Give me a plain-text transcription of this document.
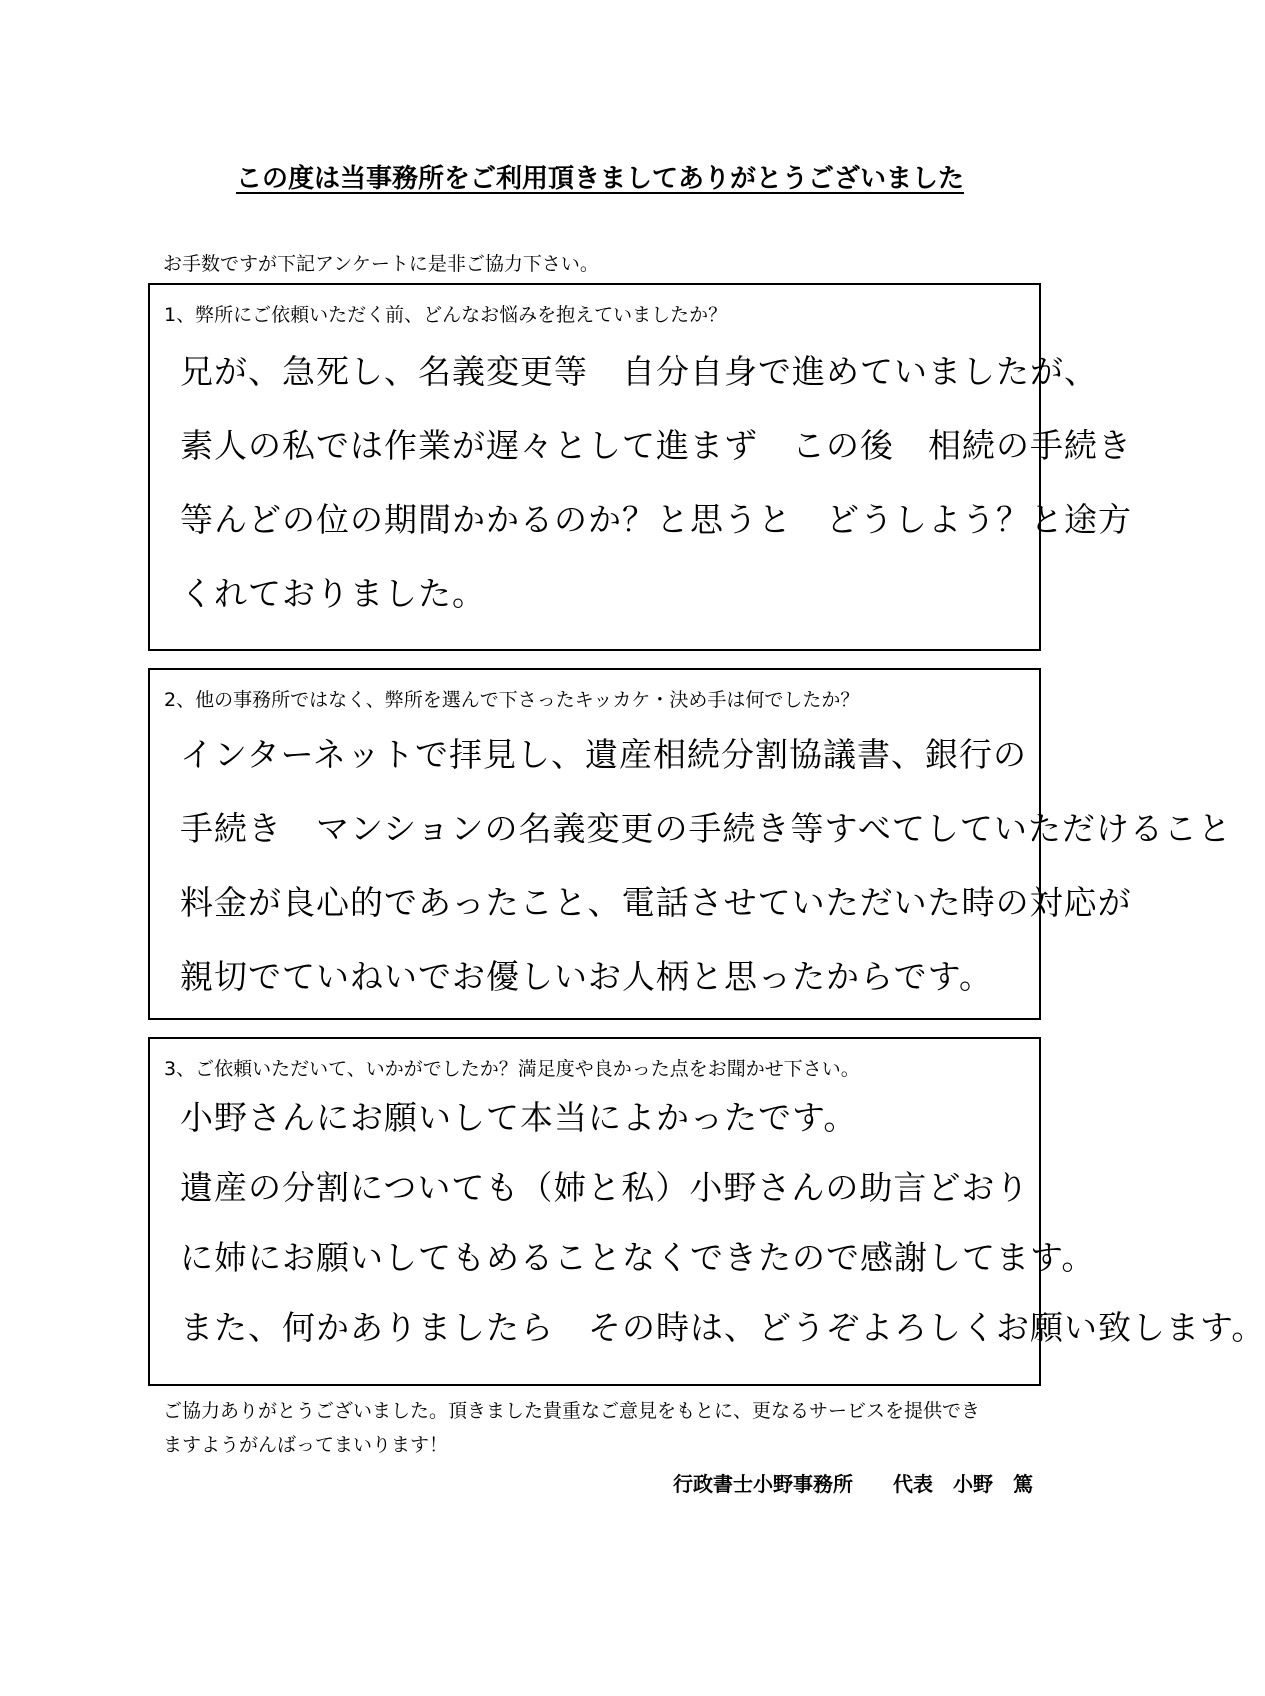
この度は当事務所をご利用頂きましてありがとうございました
お手数ですが下記アンケートに是非ご協力下さい。
1、弊所にご依頼いただく前、どんなお悩みを抱えていましたか？
兄が、急死し、名義変更等　自分自身で進めていましたが、
素人の私では作業が遅々として進まず　この後　相続の手続き
等んどの位の期間かかるのか？と思うと　どうしよう？と途方
くれておりました。
2、他の事務所ではなく、弊所を選んで下さったキッカケ・決め手は何でしたか？
インターネットで拝見し、遺産相続分割協議書、銀行の
手続き　マンションの名義変更の手続き等すべてしていただけること
料金が良心的であったこと、電話させていただいた時の対応が
親切でていねいでお優しいお人柄と思ったからです。
3、ご依頼いただいて、いかがでしたか？満足度や良かった点をお聞かせ下さい。
小野さんにお願いして本当によかったです。
遺産の分割についても（姉と私）小野さんの助言どおり
に姉にお願いしてもめることなくできたので感謝してます。
また、何かありましたら　その時は、どうぞよろしくお願い致します。
ご協力ありがとうございました。頂きました貴重なご意見をもとに、更なるサービスを提供でき
ますようがんばってまいります！
行政書士小野事務所　　代表　小野　篤
